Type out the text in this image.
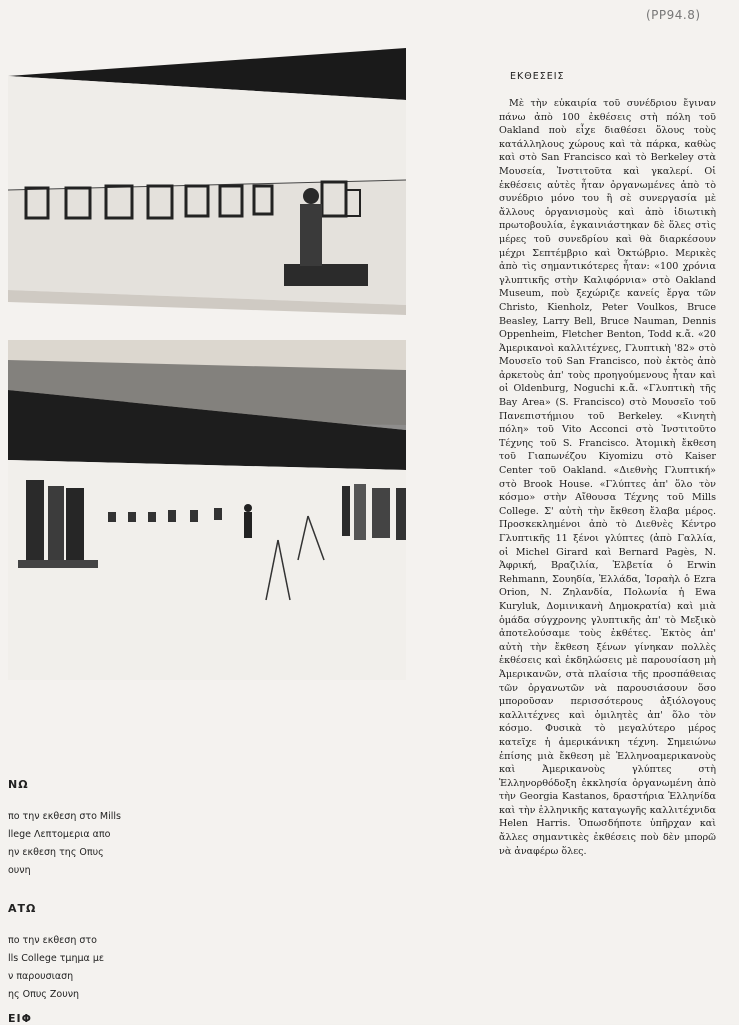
(PP94.8)
ΕΚΘΕΣΕΙΣ

Μὲ τὴν εὐκαιρία τοῦ συνέδριου ἔγιναν πάνω ἀπὸ 100 ἐκθέσεις στὴ πόλη τοῦ Oakland ποὺ εἶχε διαθέσει ὅλους τοὺς κατάλληλους χώρους καὶ τὰ πάρκα, καθὼς καὶ στὸ San Francisco καὶ τὸ Berkeley στὰ Μουσεία, Ἰνστιτοῦτα καὶ γκαλερί. Οἱ ἐκθέσεις αὐτὲς ἦταν ὀργανωμένες ἀπὸ τὸ συνέδριο μόνο του ἢ σὲ συνεργασία μὲ ἄλλους ὀργανισμοὺς καὶ ἀπὸ ἰδιωτικὴ πρωτοβουλία, ἐγκαινιάστηκαν δὲ ὅλες στὶς μέρες τοῦ συνεδρίου καὶ θὰ διαρκέσουν μέχρι Σεπτέμβριο καὶ Ὀκτώβριο. Μερικὲς ἀπὸ τὶς σημαντικότερες ἦταν: «100 χρόνια γλυπτικῆς στὴν Καλιφόρνια» στὸ Oakland Museum, ποὺ ξεχώριζε κανείς ἔργα τῶν Christo, Kienholz, Peter Voulkos, Bruce Beasley, Larry Bell, Bruce Nauman, Dennis Oppenheim, Fletcher Benton, Todd κ.ἄ. «20 Ἀμερικανοὶ καλλιτέχνες, Γλυπτικὴ '82» στὸ Μουσεῖο τοῦ San Francisco, ποὺ ἐκτὸς ἀπὸ ἀρκετοὺς ἀπ' τοὺς προηγούμενους ἦταν καὶ οἱ Oldenburg, Noguchi κ.ἄ. «Γλυπτικὴ τῆς Bay Area» (S. Francisco) στὸ Μουσεῖο τοῦ Πανεπιστήμιου τοῦ Berkeley. «Κινητὴ πόλη» τοῦ Vito Acconci στὸ Ἰνστιτοῦτο Τέχνης τοῦ S. Francisco. Ἀτομικὴ ἔκθεση τοῦ Γιαπωνέζου Kiyomizu στὸ Kaiser Center τοῦ Oakland. «Διεθνὴς Γλυπτική» στὸ Brook House. «Γλύπτες ἀπ' ὅλο τὸν κόσμο» στὴν Αἴθουσα Τέχνης τοῦ Mills College. Σ' αὐτὴ τὴν ἔκθεση ἔλαβα μέρος. Προσκεκλημένοι ἀπὸ τὸ Διεθνὲς Κέντρο Γλυπτικῆς 11 ξένοι γλύπτες (ἀπὸ Γαλλία, οἱ Michel Girard καὶ Bernard Pagès, Ν. Ἀφρική, Βραζιλία, Ἑλβετία ὁ Erwin Rehmann, Σουηδία, Ἑλλάδα, Ἰσραὴλ ὁ Ezra Orion, Ν. Ζηλανδία, Πολωνία ἡ Ewa Kuryluk, Δομινικανὴ Δημοκρατία) καὶ μιὰ ὁμάδα σύγχρονης γλυπτικῆς ἀπ' τὸ Μεξικὸ ἀποτελούσαμε τοὺς ἐκθέτες. Ἐκτὸς ἀπ' αὐτὴ τὴν ἔκθεση ξένων γίνηκαν πολλὲς ἐκθέσεις καὶ ἐκδηλώσεις μὲ παρουσίαση μὴ Ἀμερικανῶν, στὰ πλαίσια τῆς προσπάθειας τῶν ὀργανωτῶν νὰ παρουσιάσουν ὅσο μποροῦσαν περισσότερους ἀξιόλογους καλλιτέχνες καὶ ὁμιλητὲς ἀπ' ὅλο τὸν κόσμο. Φυσικὰ τὸ μεγαλύτερο μέρος κατεῖχε ἡ ἀμερικάνικη τέχνη. Σημειώνω ἐπίσης μιὰ ἔκθεση μὲ Ἑλληνοαμερικανοὺς καὶ Ἀμερικανοὺς γλύπτες στὴ Ἑλληνορθόδοξη ἐκκλησία ὀργανωμένη ἀπὸ τὴν Georgia Kastanos, δραστήρια Ἑλληνίδα καὶ τὴν ἑλληνικῆς καταγωγῆς καλλιτέχνιδα Helen Harris. Ὁπωσδήποτε ὑπῆρχαν καὶ ἄλλες σημαντικὲς ἐκθέσεις ποὺ δὲν μπορῶ νὰ ἀναφέρω ὅλες.

ΝΩ
πο την εκθεση στο Mills
llege Λεπτομερια απο
ην εκθεση της Οπυς
ουνη
ΑΤΩ
πο την εκθεση στο
lls College τμημα με
ν παρουσιαση
ης Οπυς Ζουνη
ΕΙΦ
